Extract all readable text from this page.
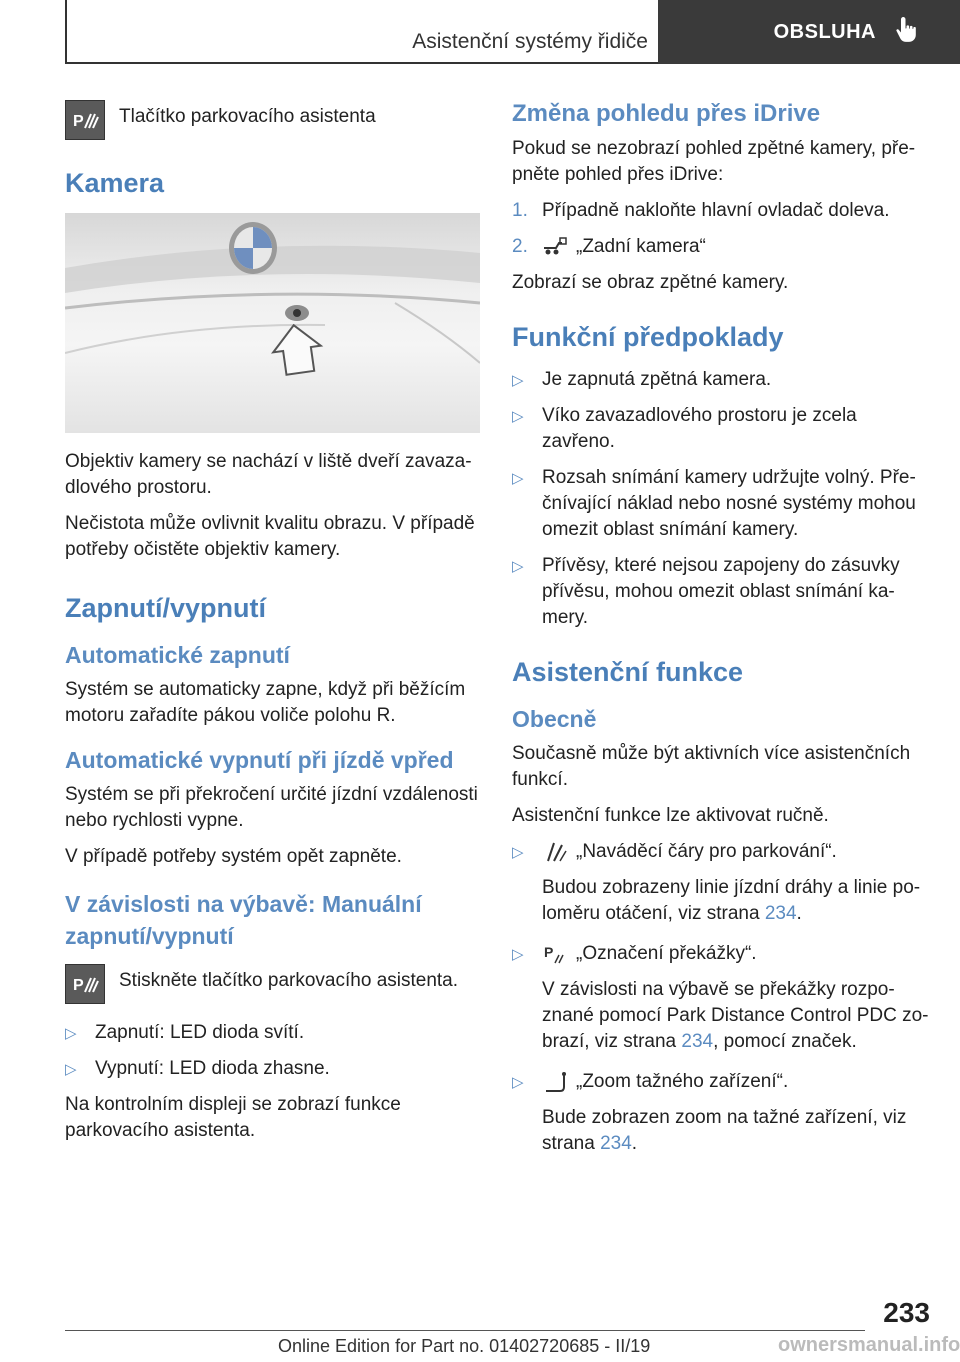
Asistenční systémy řidiče	OBSLUHA
P Tlačítko parkovacího asistenta

Kamera

Objektiv kamery se nachází v liště dveří zavazadlového prostoru.

Nečistota může ovlivnit kvalitu obrazu. V případě potřeby očistěte objektiv kamery.

Zapnutí/vypnutí
Automatické zapnutí

Systém se automaticky zapne, když při běžícím motoru zařadíte pákou voliče polohu R.

Automatické vypnutí při jízdě vpřed

Systém se při překročení určité jízdní vzdálenosti nebo rychlosti vypne.

V případě potřeby systém opět zapněte.

V závislosti na výbavě: Manuální zapnutí/vypnutí
P Stiskněte tlačítko parkovacího asistenta.

▷ Zapnutí: LED dioda svítí.
▷ Vypnutí: LED dioda zhasne.

Na kontrolním displeji se zobrazí funkce parkovacího asistenta.

Změna pohledu přes iDrive

Pokud se nezobrazí pohled zpětné kamery, přepněte pohled přes iDrive:

1. Případně nakloňte hlavní ovladač doleva.
2.	„Zadní kamera“

Zobrazí se obraz zpětné kamery.

Funkční předpoklady
▷ Je zapnutá zpětná kamera.
▷ Víko zavazadlového prostoru je zcela zavřeno.
▷ Rozsah snímání kamery udržujte volný. Přečnívající náklad nebo nosné systémy mohou omezit oblast snímání kamery.
▷ Přívěsy, které nejsou zapojeny do zásuvky přívěsu, mohou omezit oblast snímání kamery.
Asistenční funkce
Obecně

Současně může být aktivních více asistenčních funkcí.

Asistenční funkce lze aktivovat ručně.

▷	„Naváděcí čáry pro parkování“.
Budou zobrazeny linie jízdní dráhy a linie poloměru otáčení, viz strana 234.
▷ P „Označení překážky“.
V závislosti na výbavě se překážky rozpoznané pomocí Park Distance Control PDC zobrazí, viz strana 234, pomocí značek.
▷	„Zoom tažného zařízení“.
Bude zobrazen zoom na tažné zařízení, viz strana 234.
233
Online Edition for Part no. 01402720685 - II/19	ownersmanual.info
